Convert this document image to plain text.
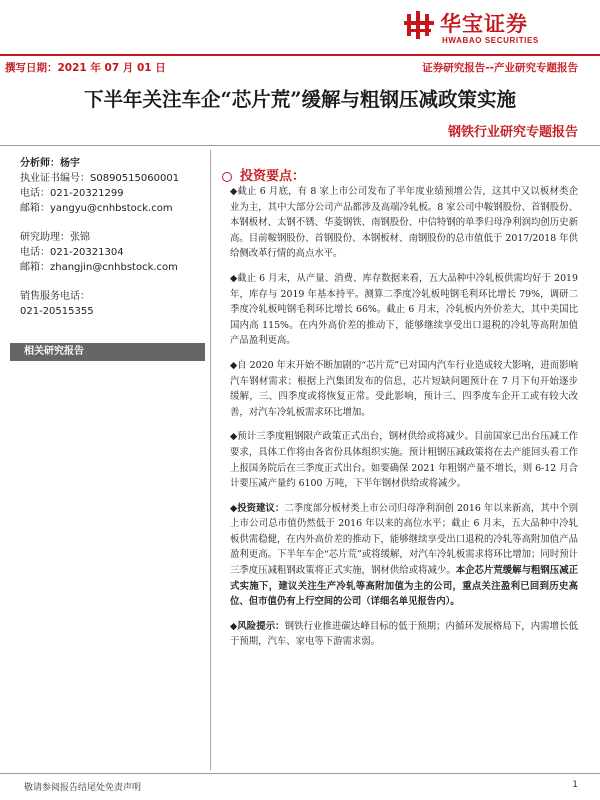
华宝证券
HWABAO SECURITIES
撰写日期：2021 年 07 月 01 日	证券研究报告--产业研究专题报告
下半年关注车企“芯片荒”缓解与粗钢压减政策实施
钢铁行业研究专题报告
分析师：杨宇
执业证书编号：S0890515060001
电话：021-20321299
邮箱：yangyu@cnhbstock.com
研究助理：张锦
电话：021-20321304
邮箱：zhangjin@cnhbstock.com
销售服务电话：
021-20515355
相关研究报告
投资要点：

◆截止 6 月底，有 8 家上市公司发布了半年度业绩预增公告，这其中又以板材类企业为主，其中大部分公司产品都涉及高端冷轧板。8 家公司中鞍钢股份、首钢股份、本钢板材、太钢不锈、华菱钢铁、南钢股份、中信特钢的单季归母净利润均创历史新高。目前鞍钢股份、首钢股份、本钢板材、南钢股份的总市值低于 2017/2018 年供给侧改革行情的高点水平。

◆截止 6 月末，从产量、消费、库存数据来看，五大品种中冷轧板供需均好于 2019 年，库存与 2019 年基本持平。测算二季度冷轧板吨钢毛利环比增长 79%，调研二季度冷轧板吨钢毛利环比增长 66%。截止 6 月末，冷轧板内外价差大，其中美国比国内高 115%。在内外高价差的推动下，能够继续享受出口退税的冷轧等高附加值产品盈利更高。

◆自 2020 年末开始不断加剧的“芯片荒”已对国内汽车行业造成较大影响，进而影响汽车钢材需求；根据上汽集团发布的信息，芯片短缺问题预计在 7 月下旬开始逐步缓解，三、四季度或将恢复正常。受此影响，预计三、四季度车企开工或有较大改善，对汽车冷轧板需求环比增加。

◆预计三季度粗钢限产政策正式出台，钢材供给或将减少。目前国家已出台压减工作要求，具体工作将由各省份具体组织实施。预计粗钢压减政策将在去产能回头看工作上报国务院后在三季度正式出台。如要确保 2021 年粗钢产量不增长，则 6-12 月合计要压减产量约 6100 万吨，下半年钢材供给或将减少。

◆投资建议：二季度部分板材类上市公司归母净利润创 2016 年以来新高，其中个别上市公司总市值仍然低于 2016 年以来的高位水平；截止 6 月末，五大品种中冷轧板供需稳健，在内外高价差的推动下，能够继续享受出口退税的冷轧等高附加值产品盈利更高。下半年车企“芯片荒”或将缓解，对汽车冷轧板需求将环比增加；同时预计三季度压减粗钢政策将正式实施，钢材供给或将减少。本企芯片荒缓解与粗钢压减正式实施下，建议关注生产冷轧等高附加值为主的公司，重点关注盈利已回到历史高位、但市值仍有上行空间的公司（详细名单见报告内）。

◆风险提示：钢铁行业推进碳达峰目标的低于预期；内循环发展格局下，内需增长低于预期，汽车、家电等下游需求弱。

敬请参阅报告结尾处免责声明	1
